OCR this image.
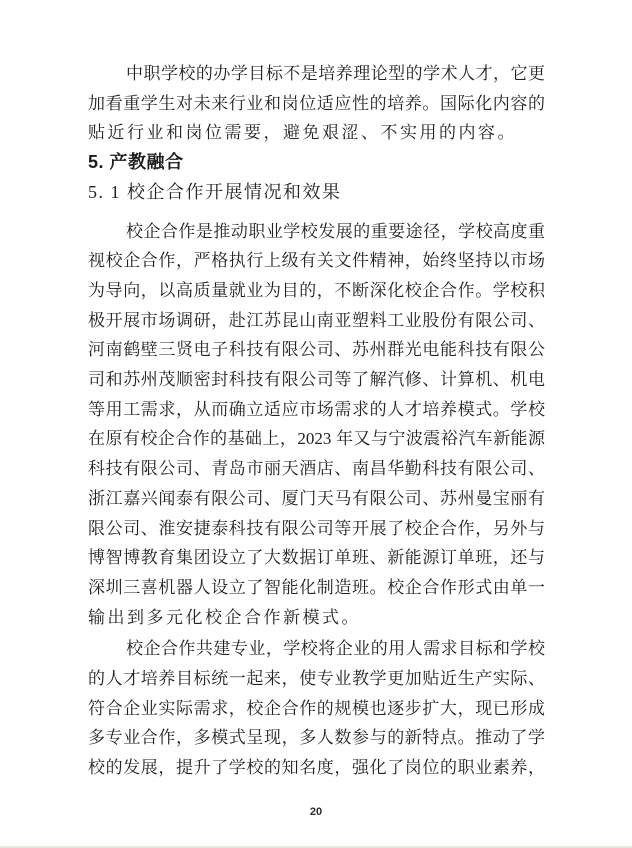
中职学校的办学目标不是培养理论型的学术人才，它更
加看重学生对未来行业和岗位适应性的培养。国际化内容的
贴近行业和岗位需要，避免艰涩、不实用的内容。
5. 产教融合
5. 1 校企合作开展情况和效果
校企合作是推动职业学校发展的重要途径，学校高度重
视校企合作，严格执行上级有关文件精神，始终坚持以市场
为导向，以高质量就业为目的，不断深化校企合作。学校积
极开展市场调研，赴江苏昆山南亚塑料工业股份有限公司、
河南鹤壁三贤电子科技有限公司、苏州群光电能科技有限公
司和苏州茂顺密封科技有限公司等了解汽修、计算机、机电
等用工需求，从而确立适应市场需求的人才培养模式。学校
在原有校企合作的基础上，2023 年又与宁波震裕汽车新能源
科技有限公司、青岛市丽天酒店、南昌华勤科技有限公司、
浙江嘉兴闻泰有限公司、厦门天马有限公司、苏州曼宝丽有
限公司、淮安捷泰科技有限公司等开展了校企合作，另外与
博智博教育集团设立了大数据订单班、新能源订单班，还与
深圳三喜机器人设立了智能化制造班。校企合作形式由单一
输出到多元化校企合作新模式。
校企合作共建专业，学校将企业的用人需求目标和学校
的人才培养目标统一起来，使专业教学更加贴近生产实际、
符合企业实际需求，校企合作的规模也逐步扩大，现已形成
多专业合作，多模式呈现，多人数参与的新特点。推动了学
校的发展，提升了学校的知名度，强化了岗位的职业素养，
20
